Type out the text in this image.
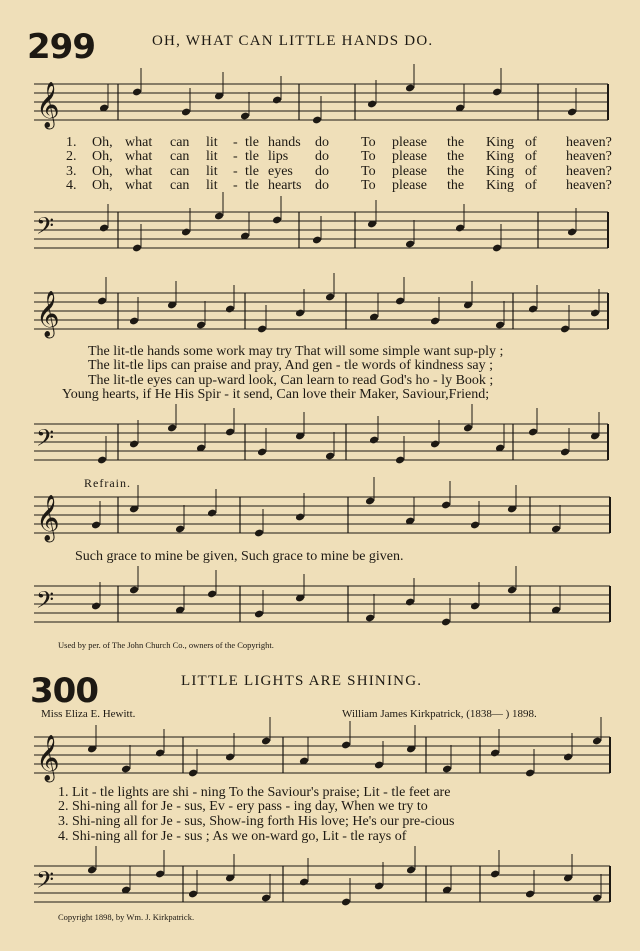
𝄞
𝄢
𝄞
𝄢
𝄞
𝄢
𝄞
𝄢
299	OH, WHAT CAN LITTLE HANDS DO.
1. Oh, what can lit - tle hands do To please the King of heaven?
2. Oh, what can lit - tle lips do To please the King of heaven?
3. Oh, what can lit - tle eyes do To please the King of heaven?
4. Oh, what can lit - tle hearts do To please the King of heaven?
The lit-tle hands some work may try That will some simple want sup-ply ;
The lit-tle lips can praise and pray, And gen - tle words of kindness say ;
The lit-tle eyes can up-ward look, Can learn to read God's ho - ly Book ;
Young hearts, if He His Spir - it send, Can love their Maker, Saviour,Friend;
Refrain.
Such grace to mine be given, Such grace to mine be given.
Used by per. of The John Church Co., owners of the Copyright.
300	LITTLE LIGHTS ARE SHINING.
Miss Eliza E. Hewitt.	William James Kirkpatrick, (1838— ) 1898.
1. Lit - tle lights are shi - ning To the Saviour's praise; Lit - tle feet are
2. Shi-ning all for Je - sus, Ev - ery pass - ing day, When we try to
3. Shi-ning all for Je - sus, Show-ing forth His love; He's our pre-cious
4. Shi-ning all for Je - sus ; As we on-ward go, Lit - tle rays of
Copyright 1898, by Wm. J. Kirkpatrick.
